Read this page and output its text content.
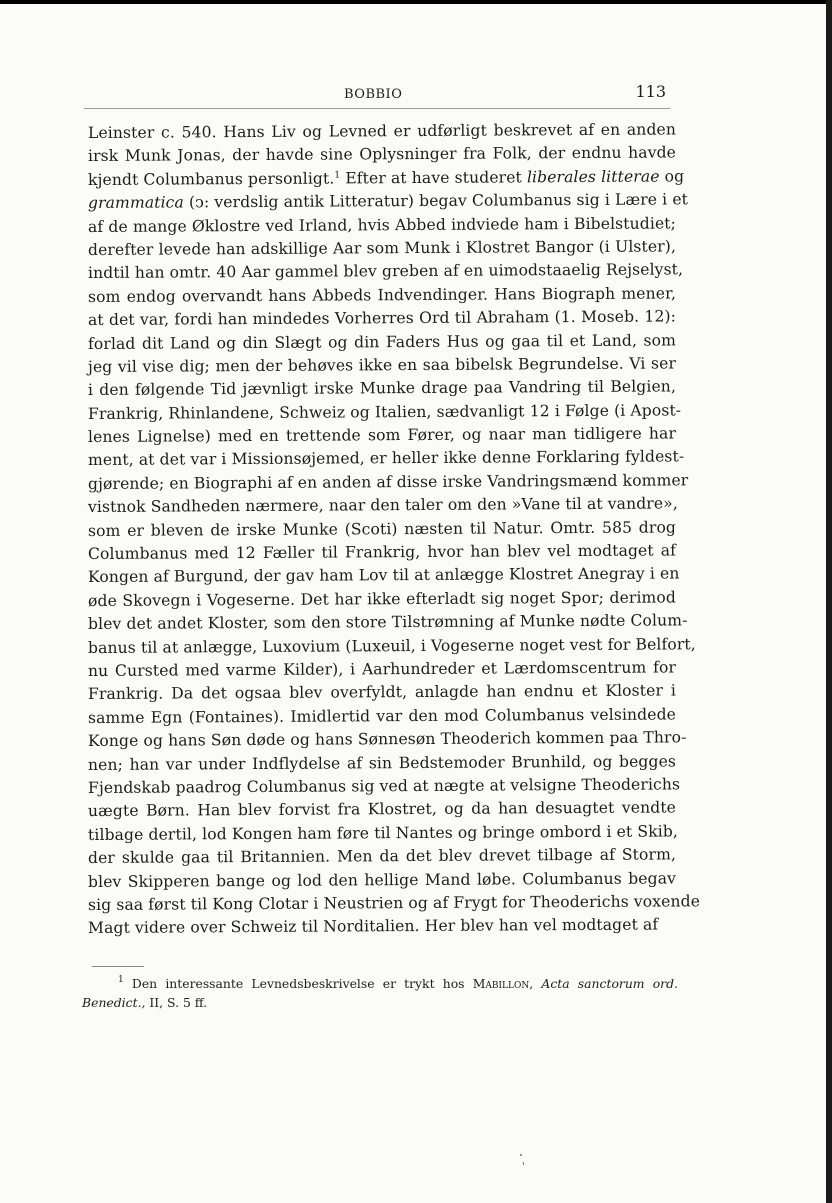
BOBBIO	113
Leinster c. 540. Hans Liv og Levned er udførligt beskrevet af en anden
irsk Munk Jonas, der havde sine Oplysninger fra Folk, der endnu havde
kjendt Columbanus personligt.$^1$ Efter at have studeret liberales litterae og
grammatica (ↄ: verdslig antik Litteratur) begav Columbanus sig i Lære i et
af de mange Øklostre ved Irland, hvis Abbed indviede ham i Bibelstudiet;
derefter levede han adskillige Aar som Munk i Klostret Bangor (i Ulster),
indtil han omtr. 40 Aar gammel blev greben af en uimodstaaelig Rejselyst,
som endog overvandt hans Abbeds Indvendinger. Hans Biograph mener,
at det var, fordi han mindedes Vorherres Ord til Abraham (1. Moseb. 12):
forlad dit Land og din Slægt og din Faders Hus og gaa til et Land, som
jeg vil vise dig; men der behøves ikke en saa bibelsk Begrundelse. Vi ser
i den følgende Tid jævnligt irske Munke drage paa Vandring til Belgien,
Frankrig, Rhinlandene, Schweiz og Italien, sædvanligt 12 i Følge (i Apost-
lenes Lignelse) med en trettende som Fører, og naar man tidligere har
ment, at det var i Missionsøjemed, er heller ikke denne Forklaring fyldest-
gjørende; en Biographi af en anden af disse irske Vandringsmænd kommer
vistnok Sandheden nærmere, naar den taler om den »Vane til at vandre»,
som er bleven de irske Munke (Scoti) næsten til Natur. Omtr. 585 drog
Columbanus med 12 Fæller til Frankrig, hvor han blev vel modtaget af
Kongen af Burgund, der gav ham Lov til at anlægge Klostret Anegray i en
øde Skovegn i Vogeserne. Det har ikke efterladt sig noget Spor; derimod
blev det andet Kloster, som den store Tilstrømning af Munke nødte Colum-
banus til at anlægge, Luxovium (Luxeuil, i Vogeserne noget vest for Belfort,
nu Cursted med varme Kilder), i Aarhundreder et Lærdomscentrum for
Frankrig. Da det ogsaa blev overfyldt, anlagde han endnu et Kloster i
samme Egn (Fontaines). Imidlertid var den mod Columbanus velsindede
Konge og hans Søn døde og hans Sønnesøn Theoderich kommen paa Thro-
nen; han var under Indflydelse af sin Bedstemoder Brunhild, og begges
Fjendskab paadrog Columbanus sig ved at nægte at velsigne Theoderichs
uægte Børn. Han blev forvist fra Klostret, og da han desuagtet vendte
tilbage dertil, lod Kongen ham føre til Nantes og bringe ombord i et Skib,
der skulde gaa til Britannien. Men da det blev drevet tilbage af Storm,
blev Skipperen bange og lod den hellige Mand løbe. Columbanus begav
sig saa først til Kong Clotar i Neustrien og af Frygt for Theoderichs voxende
Magt videre over Schweiz til Norditalien. Her blev han vel modtaget af
$^1$ Den interessante Levnedsbeskrivelse er trykt hos Mabillon, Acta sanctorum ord.
Benedict., II, S. 5 ff.
